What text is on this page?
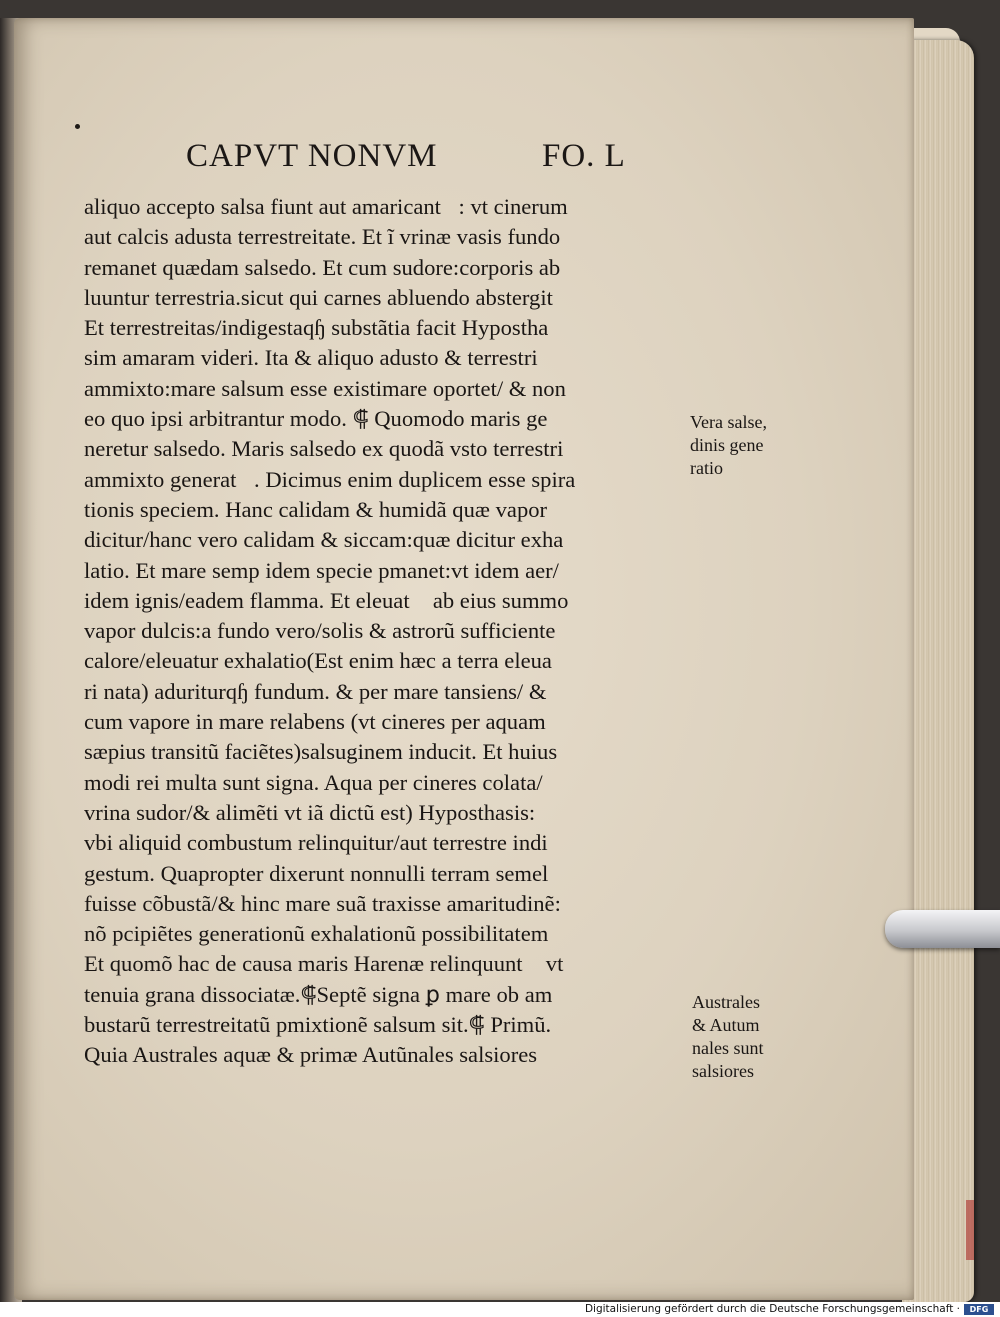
CAPVT NONVM	FO. L
aliquo accepto salsa fiunt aut amaricant᷑: vt cinerum
aut calcis adusta terrestreitate. Et ĩ vrinæ vasis fundo
remanet quædam salsedo. Et cum sudore:corporis ab
luuntur terrestria.sicut qui carnes abluendo abstergit
Et terrestreitas/indigestaqɧ substãtia facit Hypostha
sim amaram videri. Ita & aliquo adusto & terrestri
ammixto:mare salsum esse existimare oportet/ & non
eo quo ipsi arbitrantur modo. ⸿ Quomodo maris ge
neretur salsedo. Maris salsedo ex quodã vsto terrestri
ammixto generat᷑. Dicimus enim duplicem esse spira
tionis speciem. Hanc calidam & humidã quæ vapor
dicitur/hanc vero calidam & siccam:quæ dicitur exha
latio. Et mare semp idem specie pmanet:vt idem aer/
idem ignis/eadem flamma. Et eleuat᷑ ab eius summo
vapor dulcis:a fundo vero/solis & astrorũ sufficiente
calore/eleuatur exhalatio(Est enim hæc a terra eleua
ri nata) aduriturqɧ fundum. & per mare tansiens/ &
cum vapore in mare relabens (vt cineres per aquam
sæpius transitũ faciẽtes)salsuginem inducit. Et huius
modi rei multa sunt signa. Aqua per cineres colata/
vrina sudor/& alimẽti vt iã dictũ est) Hyposthasis:
vbi aliquid combustum relinquitur/aut terrestre indi
gestum. Quapropter dixerunt nonnulli terram semel
fuisse cõbustã/& hinc mare suã traxisse amaritudinẽ:
nõ pcipiẽtes generationũ exhalationũ possibilitatem
Et quomõ hac de causa maris Harenæ relinquunt᷑ vt
tenuia grana dissociatæ.⸿Septẽ signa ꝑ mare ob am
bustarũ terrestreitatũ pmixtionẽ salsum sit.⸿ Primũ.
Quia Australes aquæ & primæ Autũnales salsiores
Vera salse,
dinis gene
ratio
Australes
& Autum
nales sunt
salsiores
Digitalisierung gefördert durch die Deutsche Forschungsgemeinschaft ·	DFG
